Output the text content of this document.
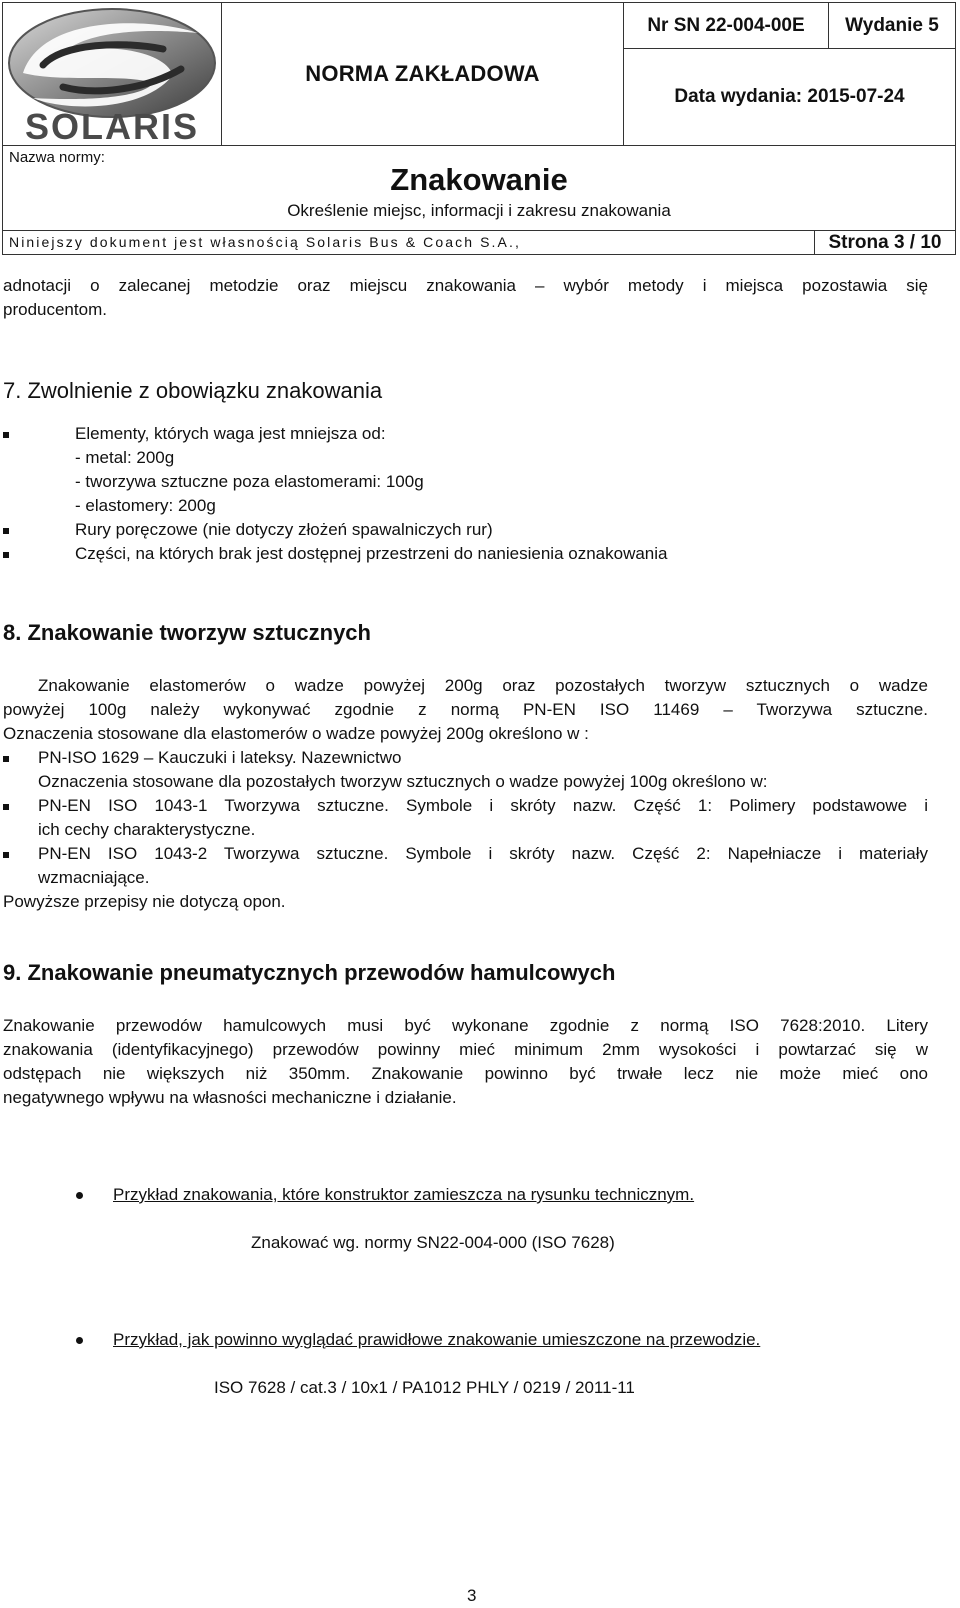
SOLARIS
NORMA ZAKŁADOWA
Nr SN 22-004-00E Wydanie 5
Data wydania: 2015-07-24
Nazwa normy:
Znakowanie
Określenie miejsc, informacji i zakresu znakowania
Niniejszy dokument jest własnością Solaris Bus & Coach S.A.,	Strona 3 / 10
adnotacji o zalecanej metodzie oraz miejscu znakowania – wybór metody i miejsca pozostawia się
producentom.
7. Zwolnienie z obowiązku znakowania
Elementy, których waga jest mniejsza od:
- metal: 200g
- tworzywa sztuczne poza elastomerami: 100g
- elastomery: 200g
Rury poręczowe (nie dotyczy złożeń spawalniczych rur)
Części, na których brak jest dostępnej przestrzeni do naniesienia oznakowania
8. Znakowanie tworzyw sztucznych
Znakowanie elastomerów o wadze powyżej 200g oraz pozostałych tworzyw sztucznych o wadze
powyżej 100g należy wykonywać zgodnie z normą PN-EN ISO 11469 – Tworzywa sztuczne.
Oznaczenia stosowane dla elastomerów o wadze powyżej 200g określono w :
PN-ISO 1629 – Kauczuki i lateksy. Nazewnictwo
Oznaczenia stosowane dla pozostałych tworzyw sztucznych o wadze powyżej 100g określono w:
PN-EN ISO 1043-1 Tworzywa sztuczne. Symbole i skróty nazw. Część 1: Polimery podstawowe i
ich cechy charakterystyczne.
PN-EN ISO 1043-2 Tworzywa sztuczne. Symbole i skróty nazw. Część 2: Napełniacze i materiały
wzmacniające.
Powyższe przepisy nie dotyczą opon.
9. Znakowanie pneumatycznych przewodów hamulcowych
Znakowanie przewodów hamulcowych musi być wykonane zgodnie z normą ISO 7628:2010. Litery
znakowania (identyfikacyjnego) przewodów powinny mieć minimum 2mm wysokości i powtarzać się w
odstępach nie większych niż 350mm. Znakowanie powinno być trwałe lecz nie może mieć ono
negatywnego wpływu na własności mechaniczne i działanie.
Przykład znakowania, które konstruktor zamieszcza na rysunku technicznym.
Znakować wg. normy SN22-004-000 (ISO 7628)
Przykład, jak powinno wyglądać prawidłowe znakowanie umieszczone na przewodzie.
ISO 7628 / cat.3 / 10x1 / PA1012 PHLY / 0219 / 2011-11
3
